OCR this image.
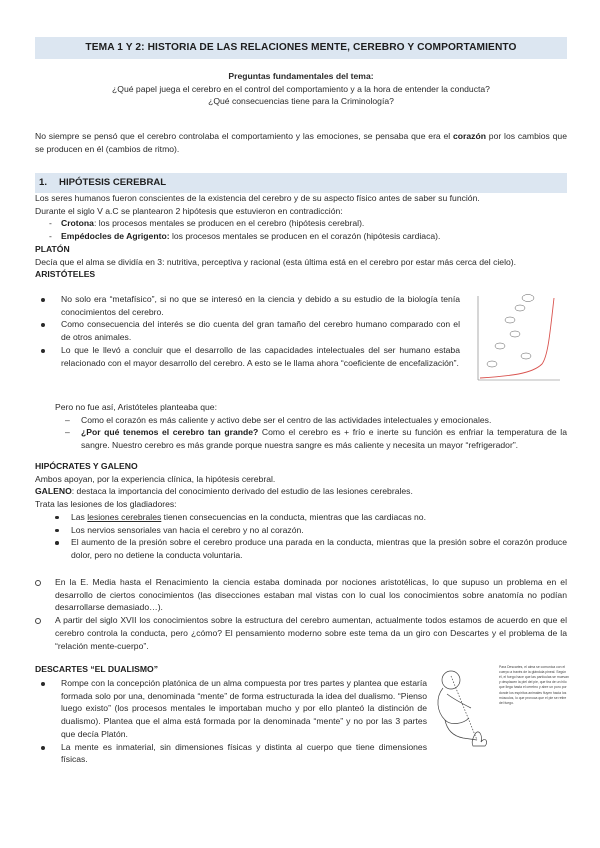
TEMA 1 Y 2: HISTORIA DE LAS RELACIONES MENTE, CEREBRO Y COMPORTAMIENTO
Preguntas fundamentales del tema:
¿Qué papel juega el cerebro en el control del comportamiento y a la hora de entender la conducta?
¿Qué consecuencias tiene para la Criminología?

No siempre se pensó que el cerebro controlaba el comportamiento y las emociones, se pensaba que era el corazón por los cambios que se producen en él (cambios de ritmo).

1. HIPÓTESIS CEREBRAL

Los seres humanos fueron conscientes de la existencia del cerebro y de su aspecto físico antes de saber su función.

Durante el siglo V a.C se plantearon 2 hipótesis que estuvieron en contradicción:

- Crotona: los procesos mentales se producen en el cerebro (hipótesis cerebral).
- Empédocles de Agrigento: los procesos mentales se producen en el corazón (hipótesis cardiaca).

PLATÓN

Decía que el alma se dividía en 3: nutritiva, perceptiva y racional (esta última está en el cerebro por estar más cerca del cielo).

ARISTÓTELES

No solo era “metafísico”, si no que se interesó en la ciencia y debido a su estudio de la biología tenía conocimientos del cerebro.

Como consecuencia del interés se dio cuenta del gran tamaño del cerebro humano comparado con el de otros animales.

Lo que le llevó a concluir que el desarrollo de las capacidades intelectuales del ser humano estaba relacionado con el mayor desarrollo del cerebro. A esto se le llama ahora “coeficiente de encefalización”.

Pero no fue así, Aristóteles planteaba que:

– Como el corazón es más caliente y activo debe ser el centro de las actividades intelectuales y emocionales.

– ¿Por qué tenemos el cerebro tan grande? Como el cerebro es + frío e inerte su función es enfriar la temperatura de la sangre. Nuestro cerebro es más grande porque nuestra sangre es más caliente y necesita un mayor “refrigerador”.

HIPÓCRATES Y GALENO

Ambos apoyan, por la experiencia clínica, la hipótesis cerebral.

GALENO: destaca la importancia del conocimiento derivado del estudio de las lesiones cerebrales.

Trata las lesiones de los gladiadores:

Las lesiones cerebrales tienen consecuencias en la conducta, mientras que las cardiacas no.

Los nervios sensoriales van hacia el cerebro y no al corazón.

El aumento de la presión sobre el cerebro produce una parada en la conducta, mientras que la presión sobre el corazón produce dolor, pero no detiene la conducta voluntaria.

En la E. Media hasta el Renacimiento la ciencia estaba dominada por nociones aristotélicas, lo que supuso un problema en el desarrollo de ciertos conocimientos (las disecciones estaban mal vistas con lo cual los conocimientos sobre anatomía no podían desarrollarse demasiado…).

A partir del siglo XVII los conocimientos sobre la estructura del cerebro aumentan, actualmente todos estamos de acuerdo en que el cerebro controla la conducta, pero ¿cómo? El pensamiento moderno sobre este tema da un giro con Descartes y el problema de la “relación mente-cuerpo”.

DESCARTES “EL DUALISMO”

Rompe con la concepción platónica de un alma compuesta por tres partes y plantea que estaría formada solo por una, denominada “mente” de forma estructurada la idea del dualismo. “Pienso luego existo” (los procesos mentales le importaban mucho y por ello planteó la distinción de dualismo). Plantea que el alma está formada por la denominada “mente” y no por las 3 partes que decía Platón.

La mente es inmaterial, sin dimensiones físicas y distinta al cuerpo que tiene dimensiones físicas.

Para Descartes, el alma se comunica con el cuerpo a través de la glándula pineal. Según él, el fuego hace que las partículas se muevan y desplacen la piel del pie, que tira de un hilo que llega hasta el cerebro y abre un poro por donde los espíritus animales fluyen hacia los músculos, lo que provoca que el pie se retire del fuego.
